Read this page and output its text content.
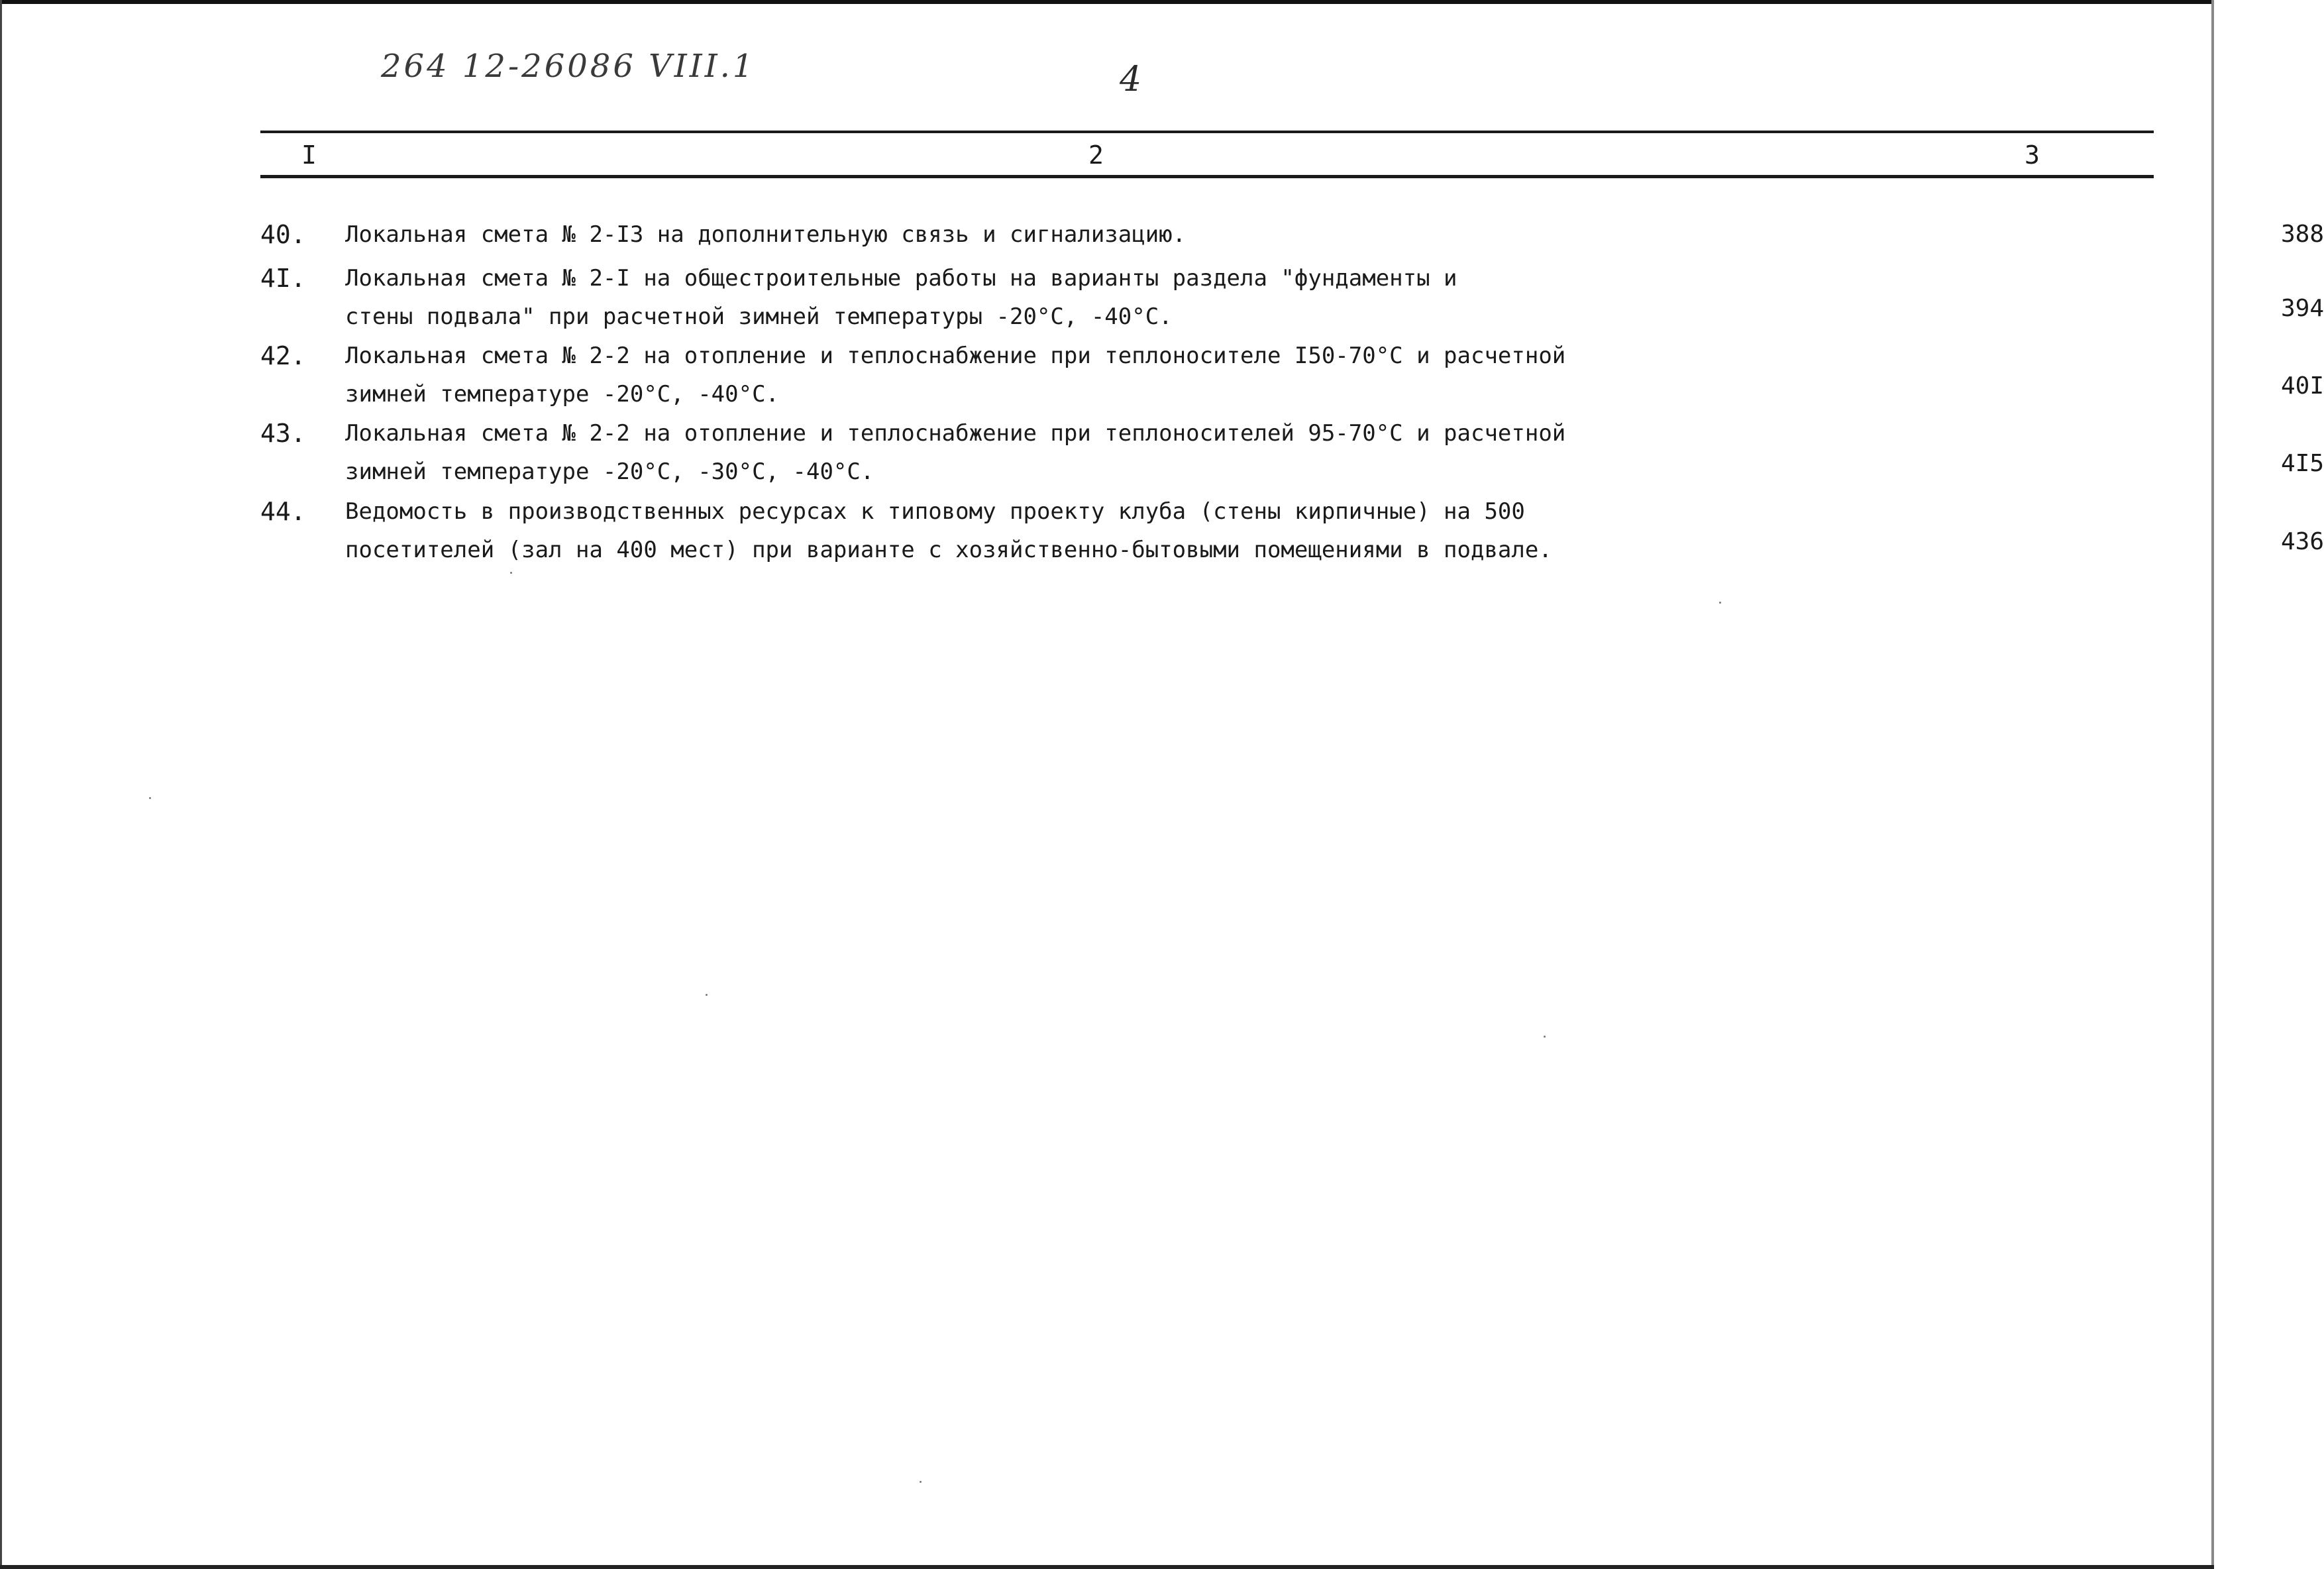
264 12-26086 VIII.1	4
I	2	3
40. Локальная смета № 2-I3 на дополнительную связь и сигнализацию.	388
4I. Локальная смета № 2-I на общестроительные работы на варианты раздела "фундаменты и
стены подвала" при расчетной зимней температуры -20°С, -40°С.	394
42. Локальная смета № 2-2 на отопление и теплоснабжение при теплоносителе I50-70°С и расчетной
зимней температуре -20°С, -40°С.	40I
43. Локальная смета № 2-2 на отопление и теплоснабжение при теплоносителей 95-70°С и расчетной
зимней температуре -20°С, -30°С, -40°С.	4I5
44. Ведомость в производственных ресурсах к типовому проекту клуба (стены кирпичные) на 500
посетителей (зал на 400 мест) при варианте с хозяйственно-бытовыми помещениями в подвале.	436
